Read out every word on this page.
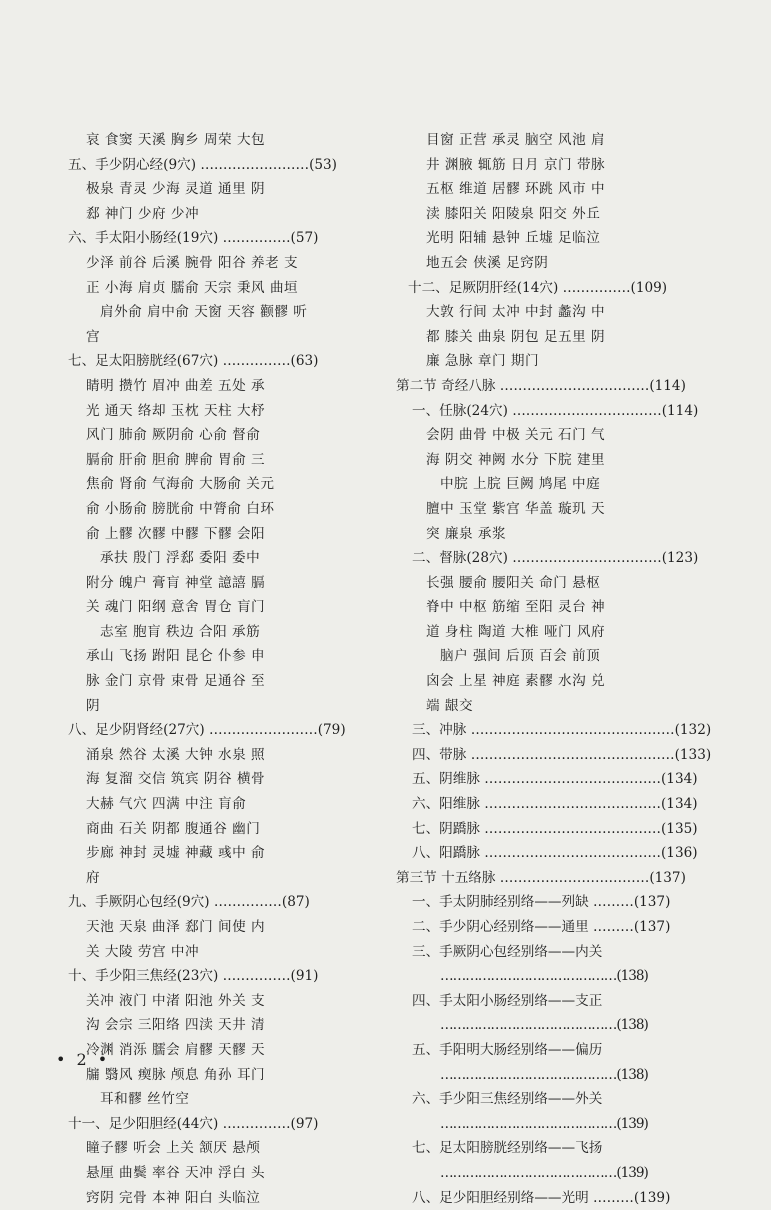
哀 食窦 天溪 胸乡 周荣 大包
五、手少阴心经(9穴) ……………………(53)
极泉 青灵 少海 灵道 通里 阴
郄 神门 少府 少冲
六、手太阳小肠经(19穴) ……………(57)
少泽 前谷 后溪 腕骨 阳谷 养老 支
正 小海 肩贞 臑俞 天宗 秉风 曲垣
肩外俞 肩中俞 天窗 天容 颧髎 听
宫
七、足太阳膀胱经(67穴) ……………(63)
睛明 攒竹 眉冲 曲差 五处 承
光 通天 络却 玉枕 天柱 大杼
风门 肺俞 厥阴俞 心俞 督俞
膈俞 肝俞 胆俞 脾俞 胃俞 三
焦俞 肾俞 气海俞 大肠俞 关元
俞 小肠俞 膀胱俞 中膂俞 白环
俞 上髎 次髎 中髎 下髎 会阳
承扶 殷门 浮郄 委阳 委中
附分 魄户 膏肓 神堂 譩譆 膈
关 魂门 阳纲 意舍 胃仓 肓门
志室 胞肓 秩边 合阳 承筋
承山 飞扬 跗阳 昆仑 仆参 申
脉 金门 京骨 束骨 足通谷 至
阴
八、足少阴肾经(27穴) ……………………(79)
涌泉 然谷 太溪 大钟 水泉 照
海 复溜 交信 筑宾 阴谷 横骨
大赫 气穴 四满 中注 肓俞
商曲 石关 阴都 腹通谷 幽门
步廊 神封 灵墟 神藏 彧中 俞
府
九、手厥阴心包经(9穴) ……………(87)
天池 天泉 曲泽 郄门 间使 内
关 大陵 劳宫 中冲
十、手少阳三焦经(23穴) ……………(91)
关冲 液门 中渚 阳池 外关 支
沟 会宗 三阳络 四渎 天井 清
冷渊 消泺 臑会 肩髎 天髎 天
牖 翳风 瘈脉 颅息 角孙 耳门
耳和髎 丝竹空
十一、足少阳胆经(44穴) ……………(97)
瞳子髎 听会 上关 颔厌 悬颅
悬厘 曲鬓 率谷 天冲 浮白 头
窍阴 完骨 本神 阳白 头临泣
目窗 正营 承灵 脑空 风池 肩
井 渊腋 辄筋 日月 京门 带脉
五枢 维道 居髎 环跳 风市 中
渎 膝阳关 阳陵泉 阳交 外丘
光明 阳辅 悬钟 丘墟 足临泣
地五会 侠溪 足窍阴
十二、足厥阴肝经(14穴) ……………(109)
大敦 行间 太冲 中封 蠡沟 中
都 膝关 曲泉 阴包 足五里 阴
廉 急脉 章门 期门
第二节 奇经八脉 ……………………………(114)
一、任脉(24穴) ……………………………(114)
会阴 曲骨 中极 关元 石门 气
海 阴交 神阙 水分 下脘 建里
中脘 上脘 巨阙 鸠尾 中庭
膻中 玉堂 紫宫 华盖 璇玑 天
突 廉泉 承浆
二、督脉(28穴) ……………………………(123)
长强 腰俞 腰阳关 命门 悬枢
脊中 中枢 筋缩 至阳 灵台 神
道 身柱 陶道 大椎 哑门 风府
脑户 强间 后顶 百会 前顶
囟会 上星 神庭 素髎 水沟 兑
端 龈交
三、冲脉 ………………………………………(132)
四、带脉 ………………………………………(133)
五、阴维脉 …………………………………(134)
六、阳维脉 …………………………………(134)
七、阴蹻脉 …………………………………(135)
八、阳蹻脉 …………………………………(136)
第三节 十五络脉 ……………………………(137)
一、手太阴肺经别络——列缺 ………(137)
二、手少阴心经别络——通里 ………(137)
三、手厥阴心包经别络——内关
……………………………………(138)
四、手太阳小肠经别络——支正
……………………………………(138)
五、手阳明大肠经别络——偏历
……………………………………(138)
六、手少阳三焦经别络——外关
……………………………………(139)
七、足太阳膀胱经别络——飞扬
……………………………………(139)
八、足少阳胆经别络——光明 ………(139)
• 2 •
